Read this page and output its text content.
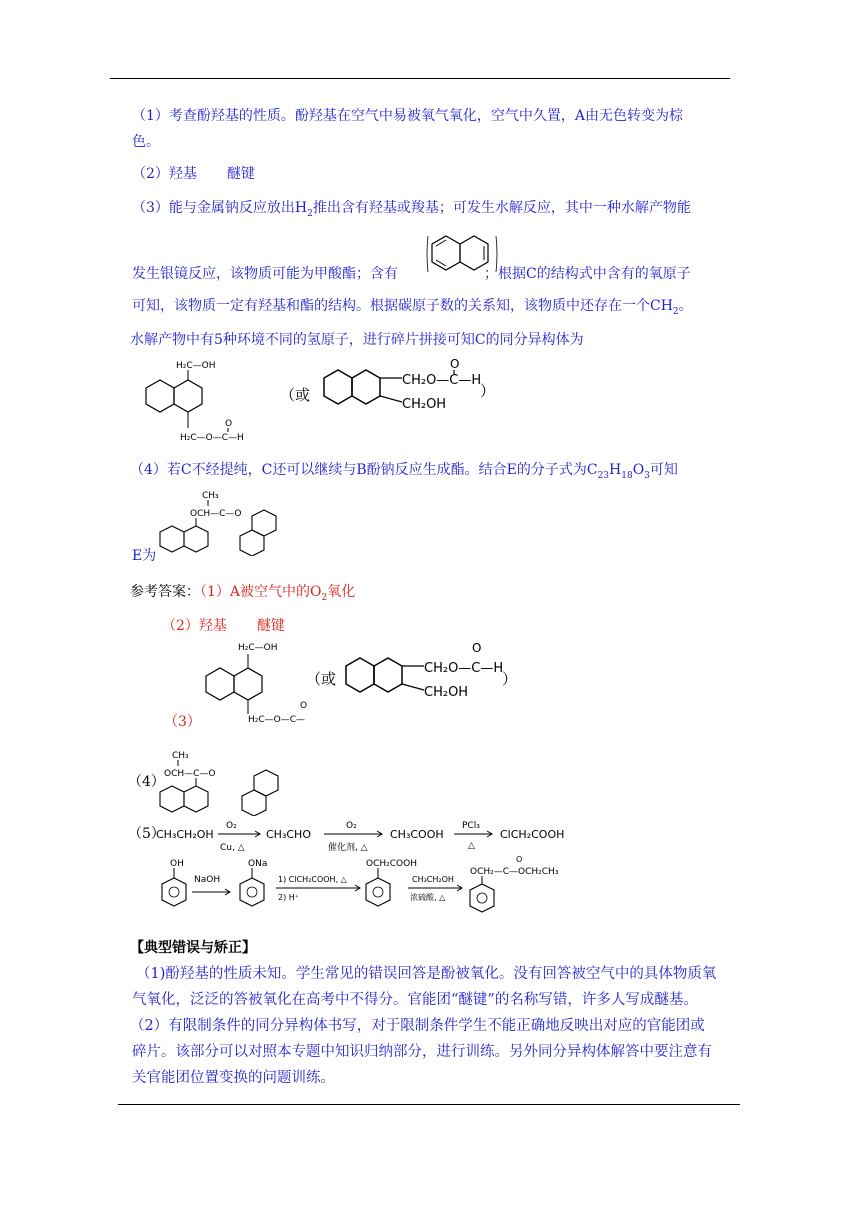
（1）考查酚羟基的性质。酚羟基在空气中易被氧气氧化，空气中久置，A由无色转变为棕
色。
（2）羟基 醚键
（3）能与金属钠反应放出$H_2$推出含有羟基或羧基；可发生水解反应，其中一种水解产物能
发生银镜反应，该物质可能为甲酸酯；含有	；根据C的结构式中含有的氧原子
可知，该物质一定有羟基和酯的结构。根据碳原子数的关系知，该物质中还存在一个$CH_2$。
水解产物中有5种环境不同的氢原子，进行碎片拼接可知C的同分异构体为
H₂C—OH
H₂C—O—C—H
O
（或
CH₂O—C—H
O
CH₂OH
）
（4）若C不经提纯，C还可以继续与B酚钠反应生成酯。结合E的分子式为$C_{23}H_{18}O_3$可知
CH₃
OCH—C—O
E为
参考答案：（1）A被空气中的$O_2$氧化
（2）羟基 醚键
H₂C—OH
H₂C—O—C—
O
（或
CH₂O—C—H
O
CH₂OH
）
（3）
（4）
CH₃
OCH—C—O
（5）
CH₃CH₂OH
O₂
Cu, △
CH₃CHO
O₂
催化剂, △
CH₃COOH
PCl₃
△
ClCH₂COOH
OH
NaOH
ONa
1) ClCH₂COOH, △
2) H⁺
OCH₂COOH
CH₃CH₂OH
浓硫酸, △
O
OCH₂—C—OCH₂CH₃
【典型错误与矫正】
（1)酚羟基的性质未知。学生常见的错误回答是酚被氧化。没有回答被空气中的具体物质氧
气氧化，泛泛的答被氧化在高考中不得分。官能团“醚键”的名称写错，许多人写成醚基。
（2）有限制条件的同分异构体书写，对于限制条件学生不能正确地反映出对应的官能团或
碎片。该部分可以对照本专题中知识归纳部分，进行训练。另外同分异构体解答中要注意有
关官能团位置变换的问题训练。
